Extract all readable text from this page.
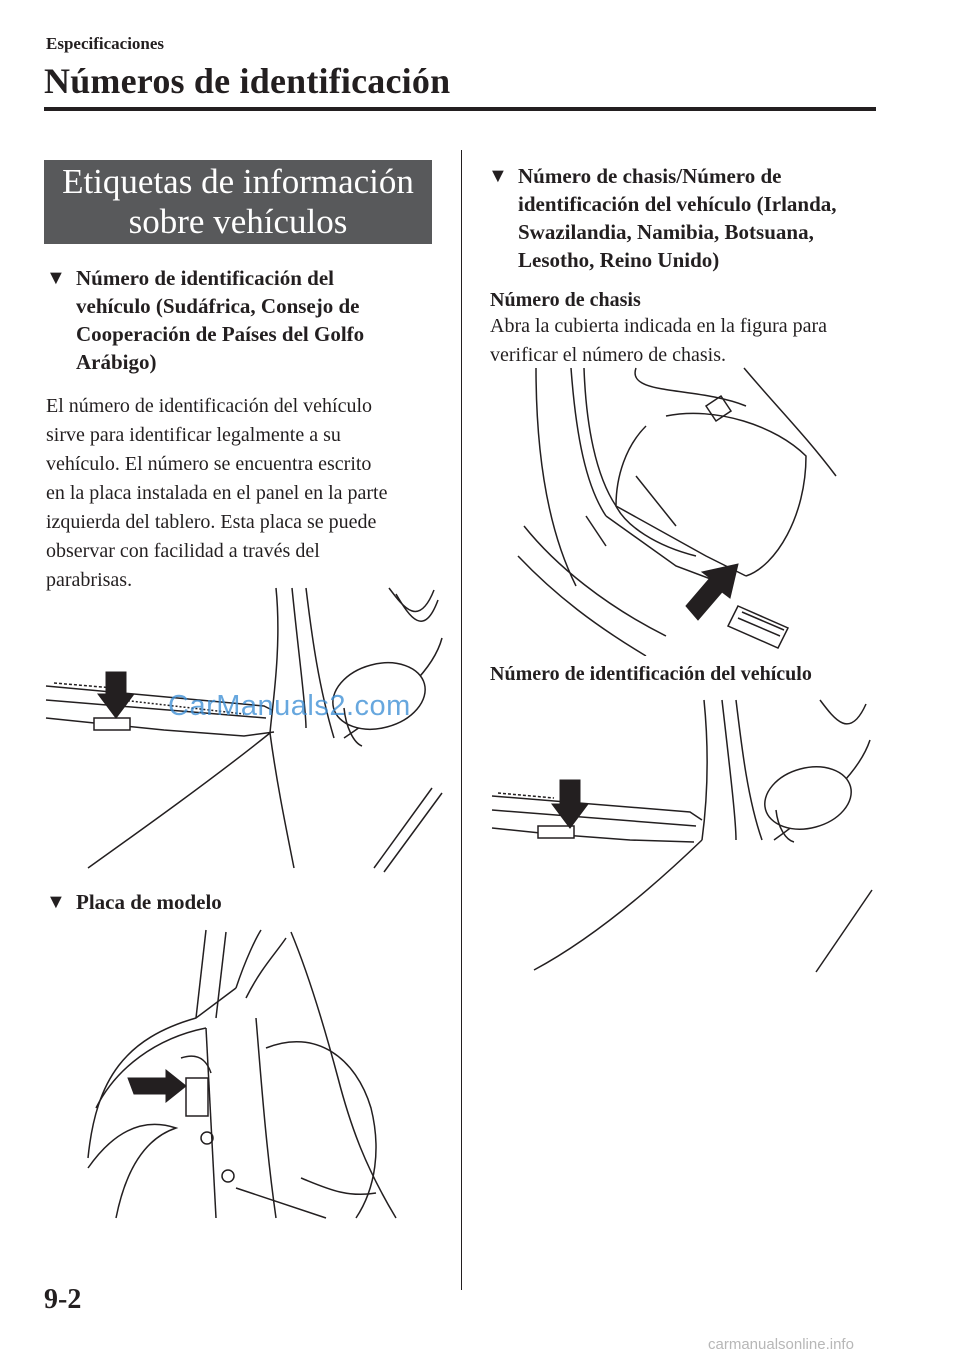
Especificaciones
Números de identificación
Etiquetas de información
sobre vehículos
▼ Número de identificación del
vehículo (Sudáfrica, Consejo de
Cooperación de Países del Golfo
Arábigo)
El número de identificación del vehículo
sirve para identificar legalmente a su
vehículo. El número se encuentra escrito
en la placa instalada en el panel en la parte
izquierda del tablero. Esta placa se puede
observar con facilidad a través del
parabrisas.
CarManuals2.com
▼ Placa de modelo
▼ Número de chasis/Número de
identificación del vehículo (Irlanda,
Swazilandia, Namibia, Botsuana,
Lesotho, Reino Unido)
Número de chasis
Abra la cubierta indicada en la figura para
verificar el número de chasis.
Número de identificación del vehículo
9-2
carmanualsonline.info
